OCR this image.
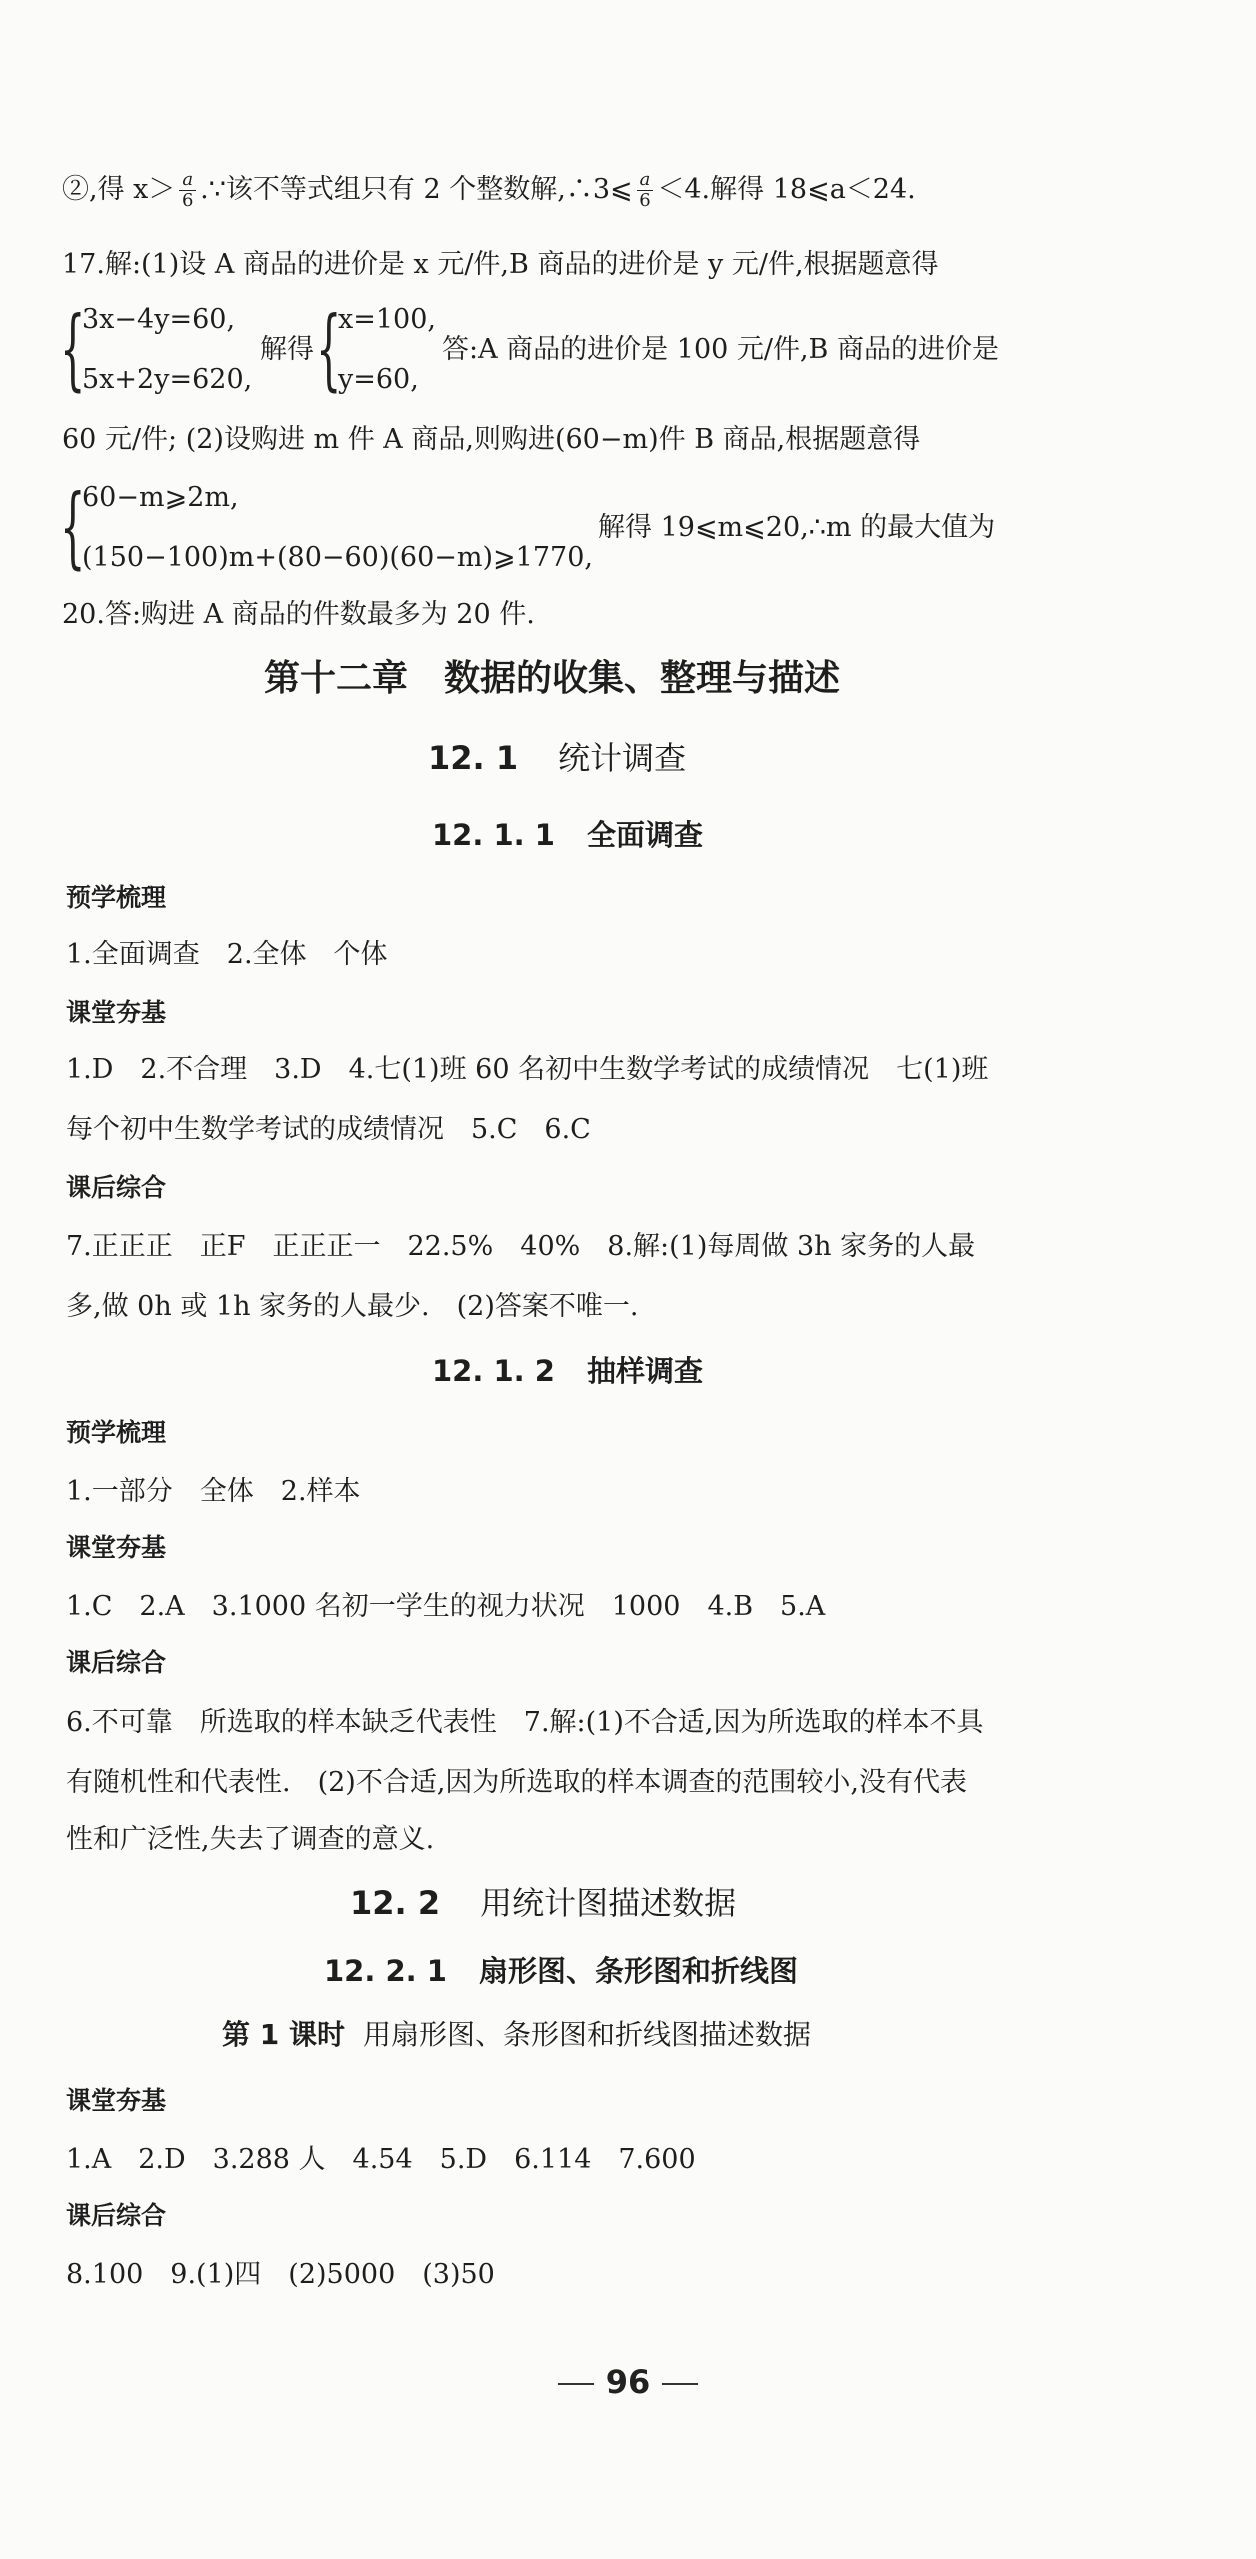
②,得 $x> \frac{a}{6}$ .∵该不等式组只有 2 个整数解,∴3⩽ $\frac{a}{6} <4$.解得 18⩽a＜24.
17.解:(1)设 A 商品的进价是 x 元/件,B 商品的进价是 y 元/件,根据题意得
{
3x−4y=60,
5x+2y=620,
解得 {
x=100,
y=60,
答:A 商品的进价是 100 元/件,B 商品的进价是
60 元/件; (2)设购进 m 件 A 商品,则购进(60−m)件 B 商品,根据题意得
{
60−m⩾2m,
(150−100)m+(80−60)(60−m)⩾1770,
解得 19⩽m⩽20,∴m 的最大值为
20.答:购进 A 商品的件数最多为 20 件.
第十二章　数据的收集、整理与描述
12. 1 统计调查
12. 1. 1 全面调查
预学梳理
1.全面调查　2.全体　个体
课堂夯基
1.D　2.不合理　3.D　4.七(1)班 60 名初中生数学考试的成绩情况　七(1)班
每个初中生数学考试的成绩情况　5.C　6.C
课后综合
7.正正正　正F　正正正一　22.5%　40%　8.解:(1)每周做 3h 家务的人最
多,做 0h 或 1h 家务的人最少.　(2)答案不唯一.
12. 1. 2 抽样调查
预学梳理
1.一部分　全体　2.样本
课堂夯基
1.C　2.A　3.1000 名初一学生的视力状况　1000　4.B　5.A
课后综合
6.不可靠　所选取的样本缺乏代表性　7.解:(1)不合适,因为所选取的样本不具
有随机性和代表性.　(2)不合适,因为所选取的样本调查的范围较小,没有代表
性和广泛性,失去了调查的意义.
12. 2 用统计图描述数据
12. 2. 1 扇形图、条形图和折线图
第 1 课时 用扇形图、条形图和折线图描述数据
课堂夯基
1.A　2.D　3.288 人　4.54　5.D　6.114　7.600
课后综合
8.100　9.(1)四　(2)5000　(3)50
96
